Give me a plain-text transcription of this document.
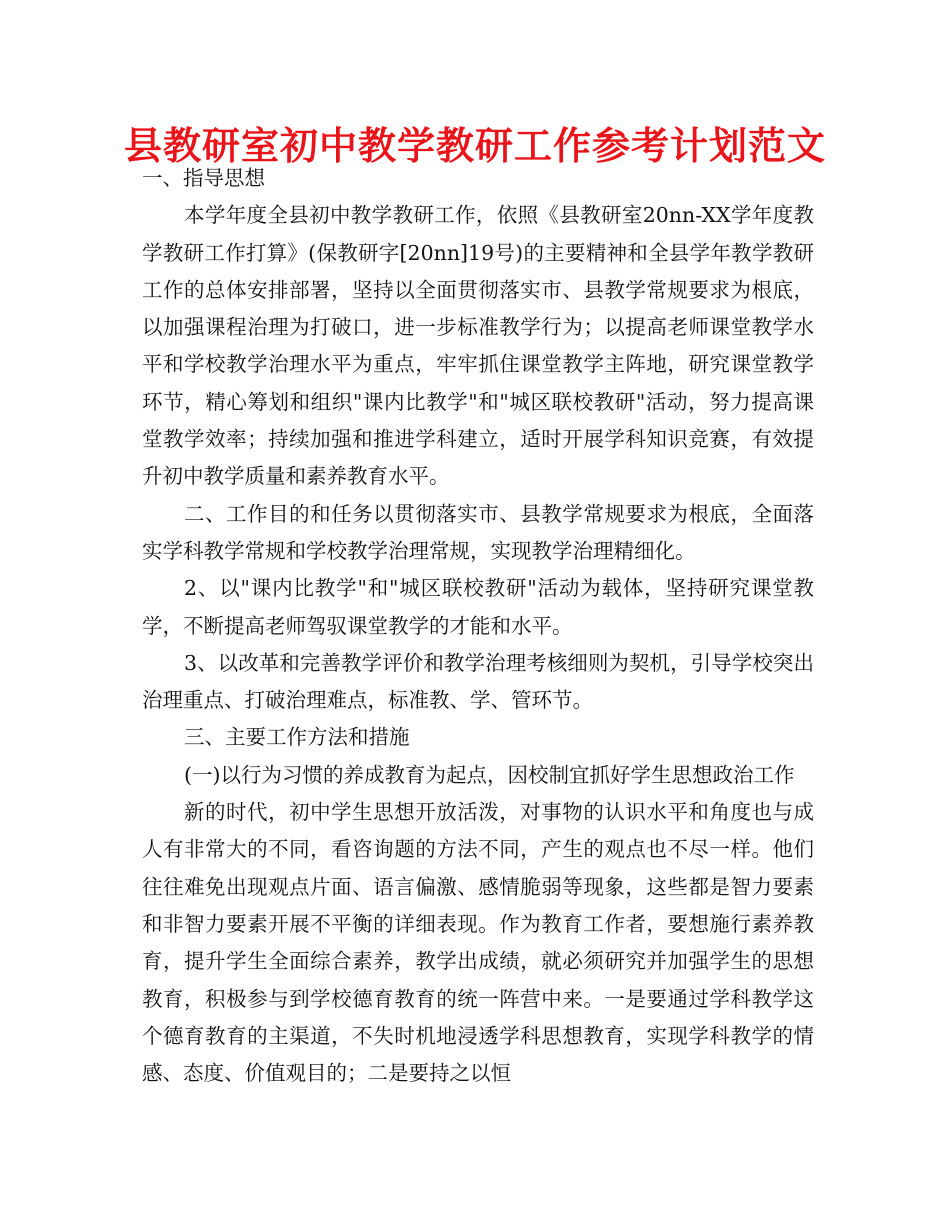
县教研室初中教学教研工作参考计划范文

一、指导思想

本学年度全县初中教学教研工作，依照《县教研室20nn-XX学年度教学教研工作打算》(保教研字[20nn]19号)的主要精神和全县学年教学教研工作的总体安排部署，坚持以全面贯彻落实市、县教学常规要求为根底，以加强课程治理为打破口，进一步标准教学行为；以提高老师课堂教学水平和学校教学治理水平为重点，牢牢抓住课堂教学主阵地，研究课堂教学环节，精心筹划和组织"课内比教学"和"城区联校教研"活动，努力提高课堂教学效率；持续加强和推进学科建立，适时开展学科知识竞赛，有效提升初中教学质量和素养教育水平。

二、工作目的和任务以贯彻落实市、县教学常规要求为根底，全面落实学科教学常规和学校教学治理常规，实现教学治理精细化。

2、以"课内比教学"和"城区联校教研"活动为载体，坚持研究课堂教学，不断提高老师驾驭课堂教学的才能和水平。

3、以改革和完善教学评价和教学治理考核细则为契机，引导学校突出治理重点、打破治理难点，标准教、学、管环节。

三、主要工作方法和措施

(一)以行为习惯的养成教育为起点，因校制宜抓好学生思想政治工作

新的时代，初中学生思想开放活泼，对事物的认识水平和角度也与成人有非常大的不同，看咨询题的方法不同，产生的观点也不尽一样。他们往往难免出现观点片面、语言偏激、感情脆弱等现象，这些都是智力要素和非智力要素开展不平衡的详细表现。作为教育工作者，要想施行素养教育，提升学生全面综合素养，教学出成绩，就必须研究并加强学生的思想教育，积极参与到学校德育教育的统一阵营中来。一是要通过学科教学这个德育教育的主渠道，不失时机地浸透学科思想教育，实现学科教学的情感、态度、价值观目的；二是要持之以恒
